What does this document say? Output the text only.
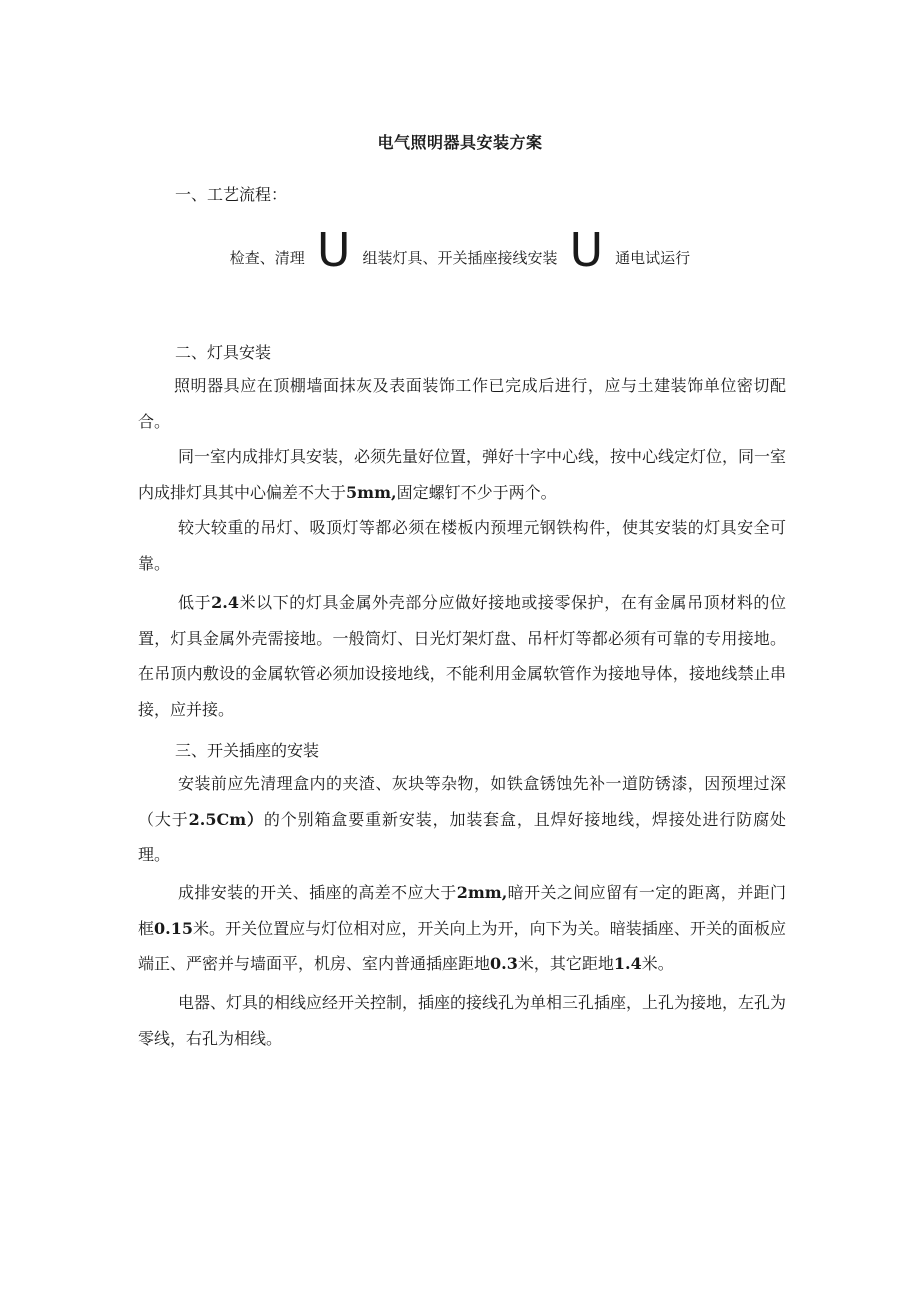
电气照明器具安装方案
一、工艺流程：
检查、清理 U 组装灯具、开关插座接线安装 U 通电试运行
二、灯具安装

照明器具应在顶棚墙面抹灰及表面装饰工作已完成后进行，应与土建装饰单位密切配合。

同一室内成排灯具安装，必须先量好位置，弹好十字中心线，按中心线定灯位，同一室内成排灯具其中心偏差不大于5mm,固定螺钉不少于两个。

较大较重的吊灯、吸顶灯等都必须在楼板内预埋元钢铁构件，使其安装的灯具安全可靠。

低于2.4米以下的灯具金属外壳部分应做好接地或接零保护，在有金属吊顶材料的位置，灯具金属外壳需接地。一般筒灯、日光灯架灯盘、吊杆灯等都必须有可靠的专用接地。在吊顶内敷设的金属软管必须加设接地线，不能利用金属软管作为接地导体，接地线禁止串接，应并接。

三、开关插座的安装

安装前应先清理盒内的夹渣、灰块等杂物，如铁盒锈蚀先补一道防锈漆，因预埋过深（大于2.5Cm）的个别箱盒要重新安装，加装套盒，且焊好接地线，焊接处进行防腐处理。

成排安装的开关、插座的高差不应大于2mm,暗开关之间应留有一定的距离，并距门框0.15米。开关位置应与灯位相对应，开关向上为开，向下为关。暗装插座、开关的面板应端正、严密并与墙面平，机房、室内普通插座距地0.3米，其它距地1.4米。

电器、灯具的相线应经开关控制，插座的接线孔为单相三孔插座，上孔为接地，左孔为零线，右孔为相线。
